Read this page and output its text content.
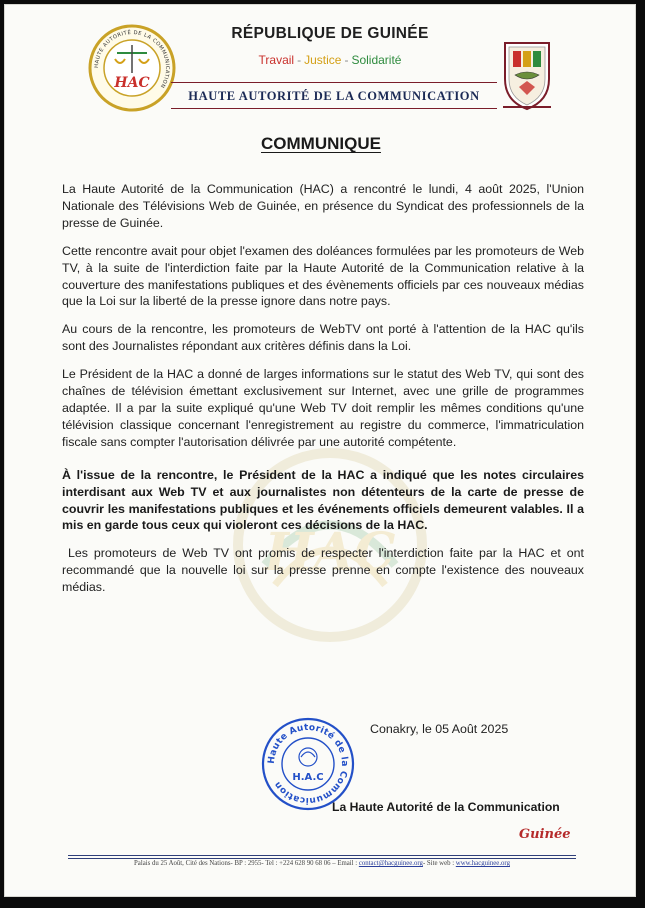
HAC
HAUTE AUTORITÉ DE LA COMMUNICATION
HAC
RÉPUBLIQUE DE GUINÉE
Travail - Justice - Solidarité
HAUTE AUTORITÉ DE LA COMMUNICATION
COMMUNIQUE

La Haute Autorité de la Communication (HAC) a rencontré le lundi, 4 août 2025, l'Union Nationale des Télévisions Web de Guinée, en présence du Syndicat des professionnels de la presse de Guinée.

Cette rencontre avait pour objet l'examen des doléances formulées par les promoteurs de Web TV, à la suite de l'interdiction faite par la Haute Autorité de la Communication relative à la couverture des manifestations publiques et des évènements officiels par ces nouveaux médias que la Loi sur la liberté de la presse ignore dans notre pays.

Au cours de la rencontre, les promoteurs de WebTV ont porté à l'attention de la HAC qu'ils sont des Journalistes répondant aux critères définis dans la Loi.

Le Président de la HAC a donné de larges informations sur le statut des Web TV, qui sont des chaînes de télévision émettant exclusivement sur Internet, avec une grille de programmes adaptée. Il a par la suite expliqué qu'une Web TV doit remplir les mêmes conditions qu'une télévision classique concernant l'enregistrement au registre du commerce, l'immatriculation fiscale sans compter l'autorisation délivrée par une autorité compétente.

À l'issue de la rencontre, le Président de la HAC a indiqué que les notes circulaires interdisant aux Web TV et aux journalistes non détenteurs de la carte de presse de couvrir les manifestations publiques et les événements officiels demeurent valables. Il a mis en garde tous ceux qui violeront ces décisions de la HAC.

Les promoteurs de Web TV ont promis de respecter l'interdiction faite par la HAC et ont recommandé que la nouvelle loi sur la presse prenne en compte l'existence des nouveaux médias.

Haute Autorité de la Communication
H.A.C
Conakry, le 05 Août 2025
La Haute Autorité de la Communication
Guinée
Palais du 25 Août, Cité des Nations- BP : 2955- Tel : +224 628 90 68 06 – Email : contact@hacguinee.org- Site web : www.hacguinee.org
